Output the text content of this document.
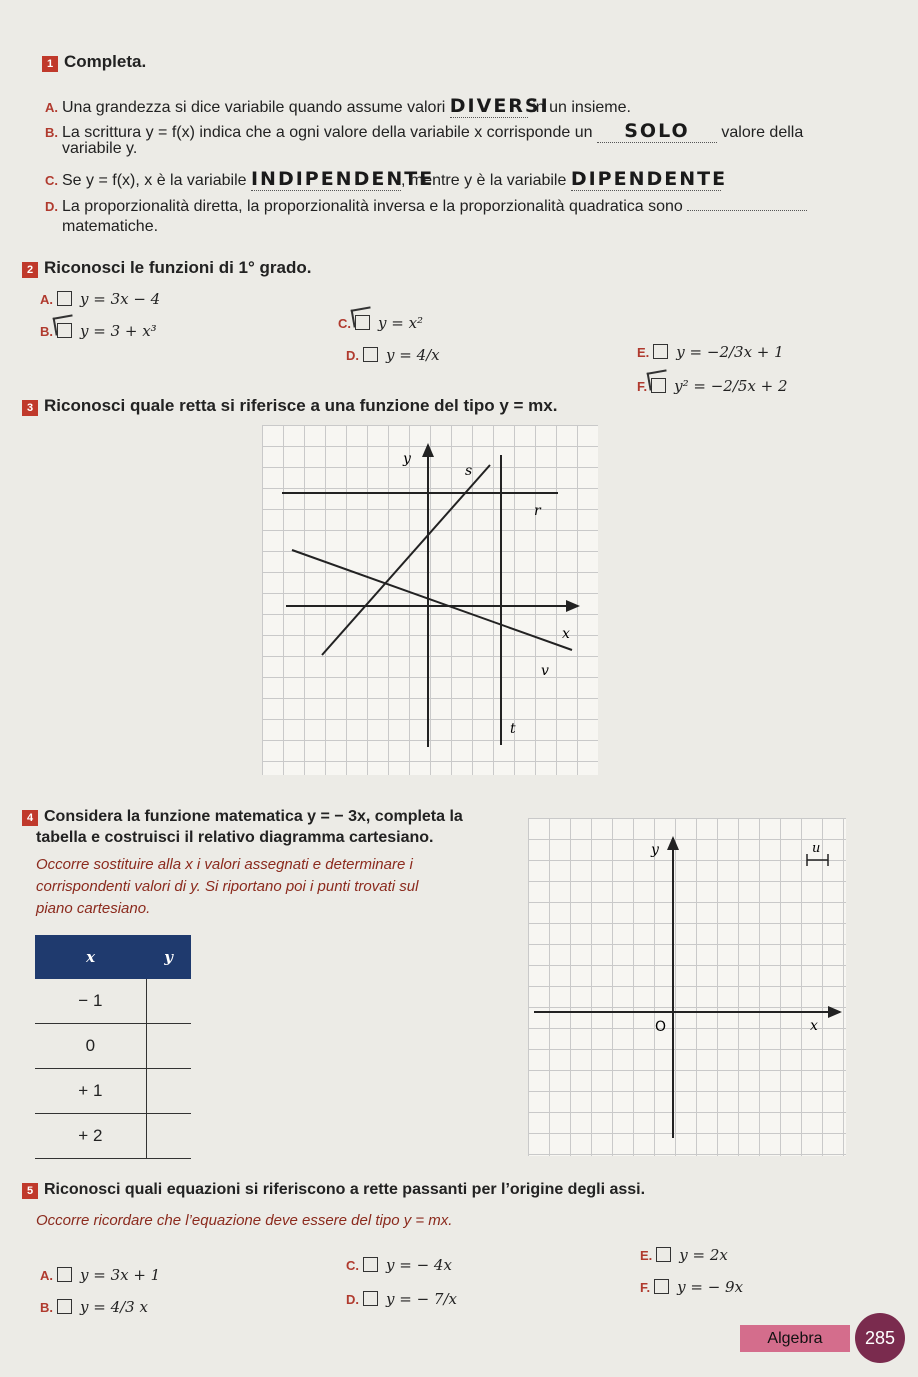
1 Completa.
A. Una grandezza si dice variabile quando assume valori DIVERSI in un insieme.
B. La scrittura y = f(x) indica che a ogni valore della variabile x corrisponde un SOLO valore della
variabile y.
C. Se y = f(x), x è la variabile INDIPENDENTE, mentre y è la variabile DIPENDENTE
D. La proporzionalità diretta, la proporzionalità inversa e la proporzionalità quadratica sono
matematiche.
2 Riconosci le funzioni di 1° grado.
A. y = 3x − 4
B. y = 3 + x³	C. y = x²
D. y = 4/x	E. y = −2/3x + 1
F. y² = −2/5x + 2
3 Riconosci quale retta si riferisce a una funzione del tipo y = mx.
y
x
s
r
v
t
4 Considera la funzione matematica y = − 3x, completa la
tabella e costruisci il relativo diagramma cartesiano.
Occorre sostituire alla x i valori assegnati e determinare i
corrispondenti valori di y. Si riportano poi i punti trovati sul
piano cartesiano.
x	y
− 1	
0	
+ 1	
+ 2	
y
x
O
u
5 Riconosci quali equazioni si riferiscono a rette passanti per l’origine degli assi.
Occorre ricordare che l’equazione deve essere del tipo y = mx.
A. y = 3x + 1
B. y = 4/3 x
C. y = − 4x
D. y = − 7/x
E. y = 2x
F. y = − 9x
Algebra	285
